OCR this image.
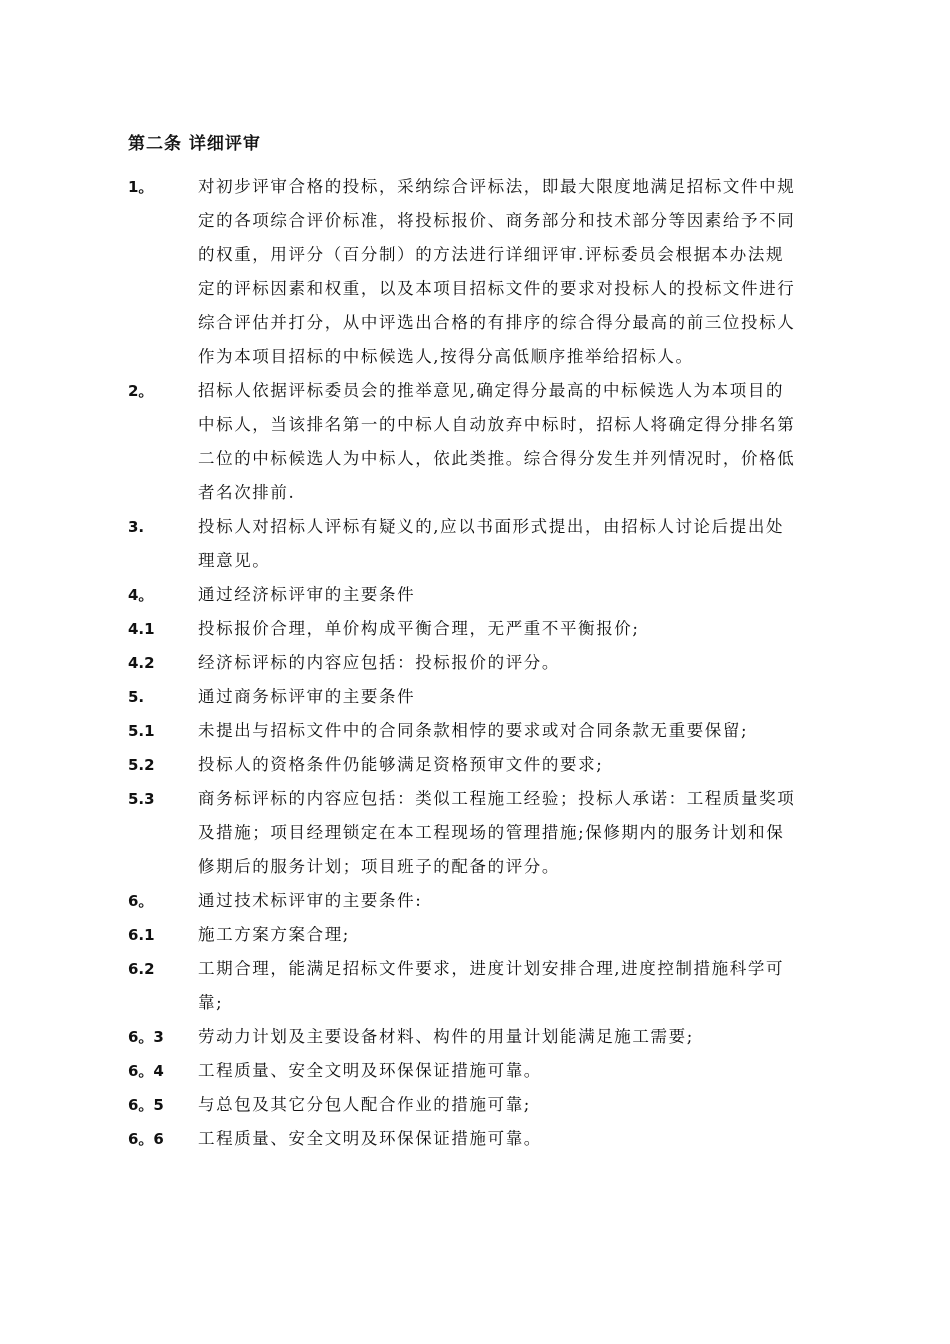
第二条 详细评审
1。	对初步评审合格的投标，采纳综合评标法，即最大限度地满足招标文件中规
定的各项综合评价标准，将投标报价、商务部分和技术部分等因素给予不同
的权重，用评分（百分制）的方法进行详细评审.评标委员会根据本办法规
定的评标因素和权重，以及本项目招标文件的要求对投标人的投标文件进行
综合评估并打分，从中评选出合格的有排序的综合得分最高的前三位投标人
作为本项目招标的中标候选人,按得分高低顺序推举给招标人。
2。	招标人依据评标委员会的推举意见,确定得分最高的中标候选人为本项目的
中标人，当该排名第一的中标人自动放弃中标时，招标人将确定得分排名第
二位的中标候选人为中标人，依此类推。综合得分发生并列情况时，价格低
者名次排前.
3.	投标人对招标人评标有疑义的,应以书面形式提出，由招标人讨论后提出处
理意见。
4。	通过经济标评审的主要条件
4.1	投标报价合理，单价构成平衡合理，无严重不平衡报价;
4.2	经济标评标的内容应包括：投标报价的评分。
5.	通过商务标评审的主要条件
5.1	未提出与招标文件中的合同条款相悖的要求或对合同条款无重要保留;
5.2	投标人的资格条件仍能够满足资格预审文件的要求;
5.3	商务标评标的内容应包括：类似工程施工经验；投标人承诺：工程质量奖项
及措施；项目经理锁定在本工程现场的管理措施;保修期内的服务计划和保
修期后的服务计划；项目班子的配备的评分。
6。	通过技术标评审的主要条件:
6.1	施工方案方案合理;
6.2	工期合理，能满足招标文件要求，进度计划安排合理,进度控制措施科学可
靠;
6。3	劳动力计划及主要设备材料、构件的用量计划能满足施工需要;
6。4	工程质量、安全文明及环保保证措施可靠。
6。5	与总包及其它分包人配合作业的措施可靠;
6。6	工程质量、安全文明及环保保证措施可靠。
